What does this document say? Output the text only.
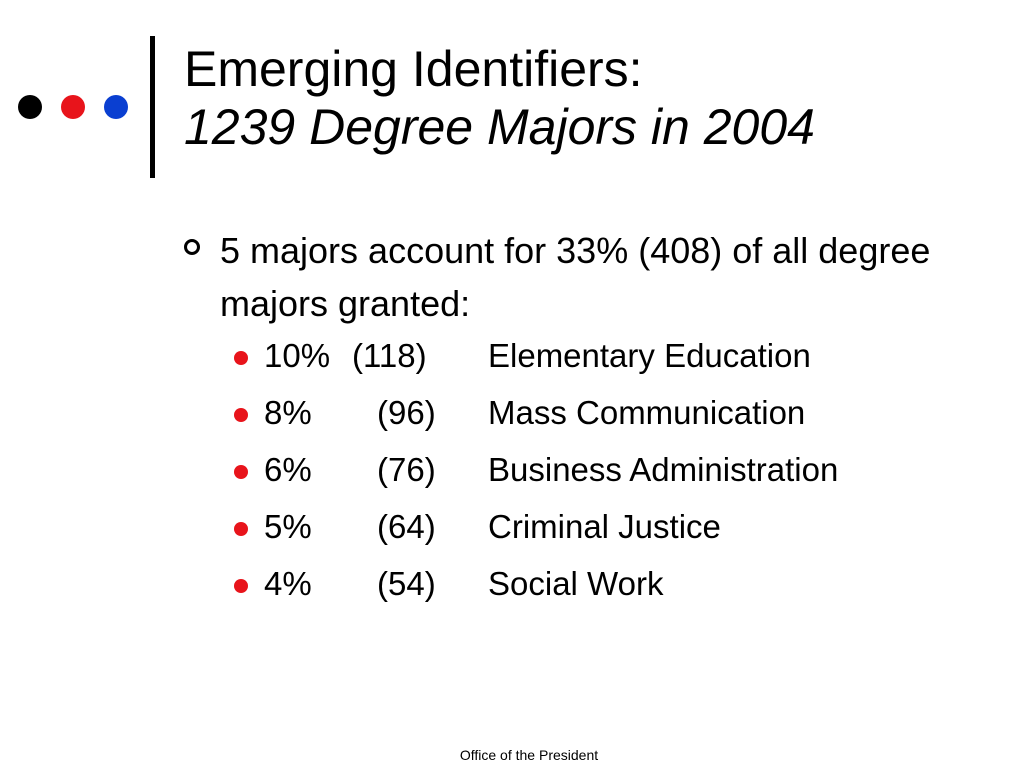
Emerging Identifiers:
1239 Degree Majors in 2004
5 majors account for 33% (408) of all degree majors granted:
10% (118) Elementary Education
8% (96) Mass Communication
6% (76) Business Administration
5% (64) Criminal Justice
4% (54) Social Work
Office of the President
